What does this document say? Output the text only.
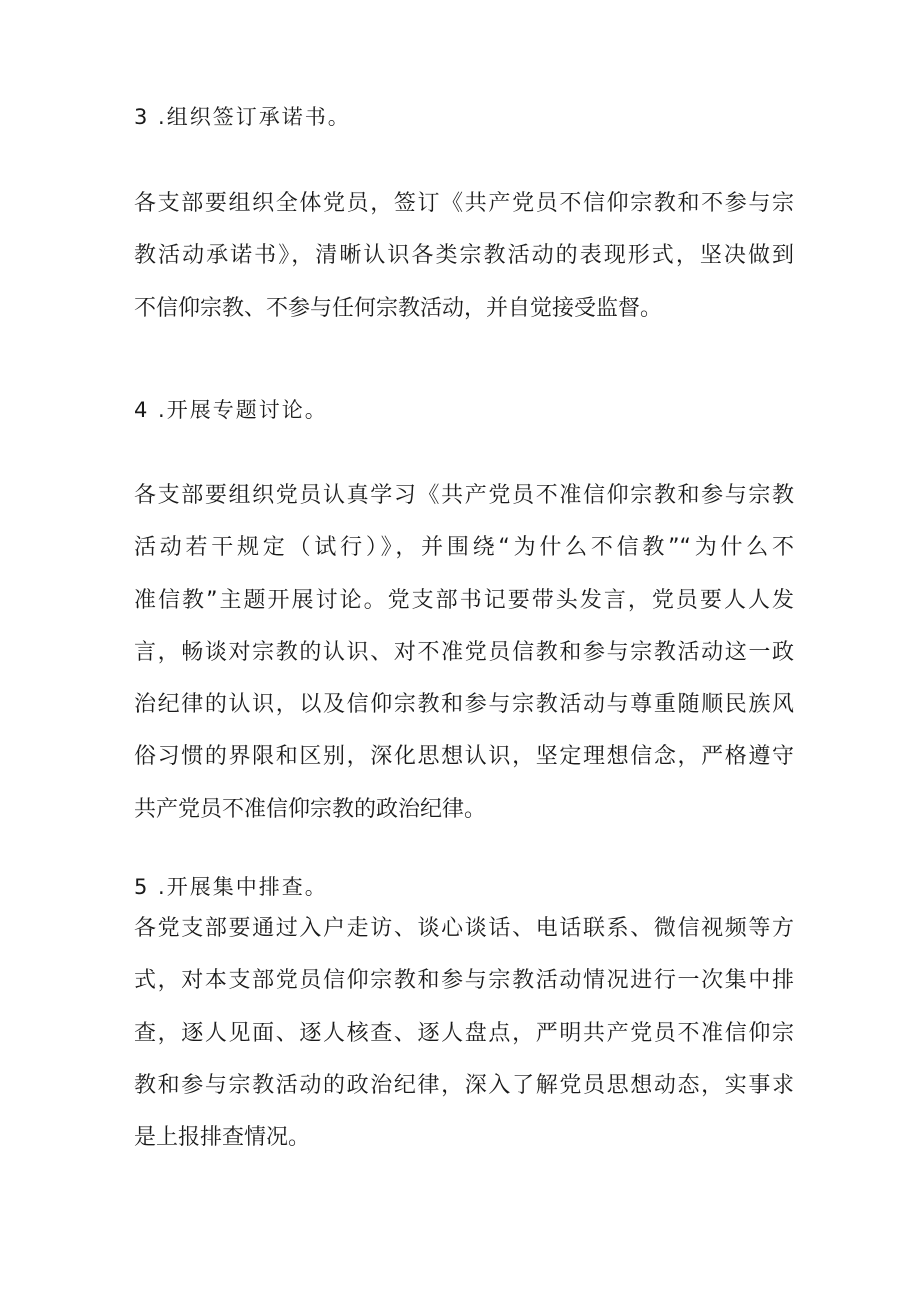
3 .组织签订承诺书。
各支部要组织全体党员，签订《共产党员不信仰宗教和不参与宗
教活动承诺书》，清晰认识各类宗教活动的表现形式，坚决做到
不信仰宗教、不参与任何宗教活动，并自觉接受监督。
4 .开展专题讨论。
各支部要组织党员认真学习《共产党员不准信仰宗教和参与宗教
活动若干规定（试行）》，并围绕“为什么不信教”“为什么不
准信教”主题开展讨论。党支部书记要带头发言，党员要人人发
言，畅谈对宗教的认识、对不准党员信教和参与宗教活动这一政
治纪律的认识，以及信仰宗教和参与宗教活动与尊重随顺民族风
俗习惯的界限和区别，深化思想认识，坚定理想信念，严格遵守
共产党员不准信仰宗教的政治纪律。
5 .开展集中排查。
各党支部要通过入户走访、谈心谈话、电话联系、微信视频等方
式，对本支部党员信仰宗教和参与宗教活动情况进行一次集中排
查，逐人见面、逐人核查、逐人盘点，严明共产党员不准信仰宗
教和参与宗教活动的政治纪律，深入了解党员思想动态，实事求
是上报排查情况。
